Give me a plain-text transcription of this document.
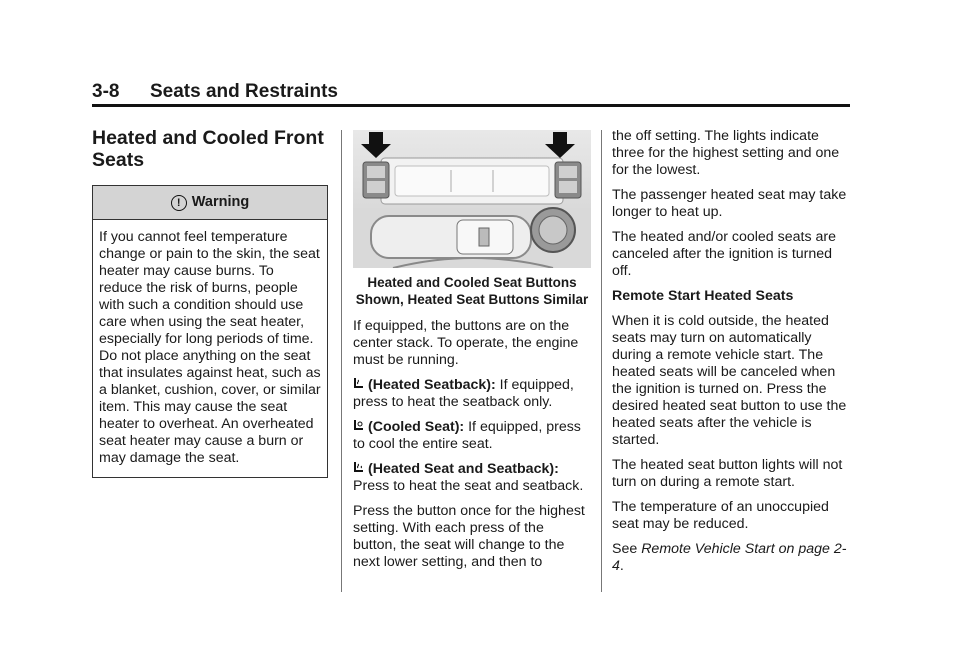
3-8 Seats and Restraints
Heated and Cooled Front Seats
! Warning
If you cannot feel temperature change or pain to the skin, the seat heater may cause burns. To reduce the risk of burns, people with such a condition should use care when using the seat heater, especially for long periods of time. Do not place anything on the seat that insulates against heat, such as a blanket, cushion, cover, or similar item. This may cause the seat heater to overheat. An overheated seat heater may cause a burn or may damage the seat.
Heated and Cooled Seat Buttons Shown, Heated Seat Buttons Similar

If equipped, the buttons are on the center stack. To operate, the engine must be running.

(Heated Seatback): If equipped, press to heat the seatback only.

(Cooled Seat): If equipped, press to cool the entire seat.

(Heated Seat and Seatback): Press to heat the seat and seatback.

Press the button once for the highest setting. With each press of the button, the seat will change to the next lower setting, and then to

the off setting. The lights indicate three for the highest setting and one for the lowest.

The passenger heated seat may take longer to heat up.

The heated and/or cooled seats are canceled after the ignition is turned off.

Remote Start Heated Seats

When it is cold outside, the heated seats may turn on automatically during a remote vehicle start. The heated seats will be canceled when the ignition is turned on. Press the desired heated seat button to use the heated seats after the vehicle is started.

The heated seat button lights will not turn on during a remote start.

The temperature of an unoccupied seat may be reduced.

See Remote Vehicle Start on page 2-4.
